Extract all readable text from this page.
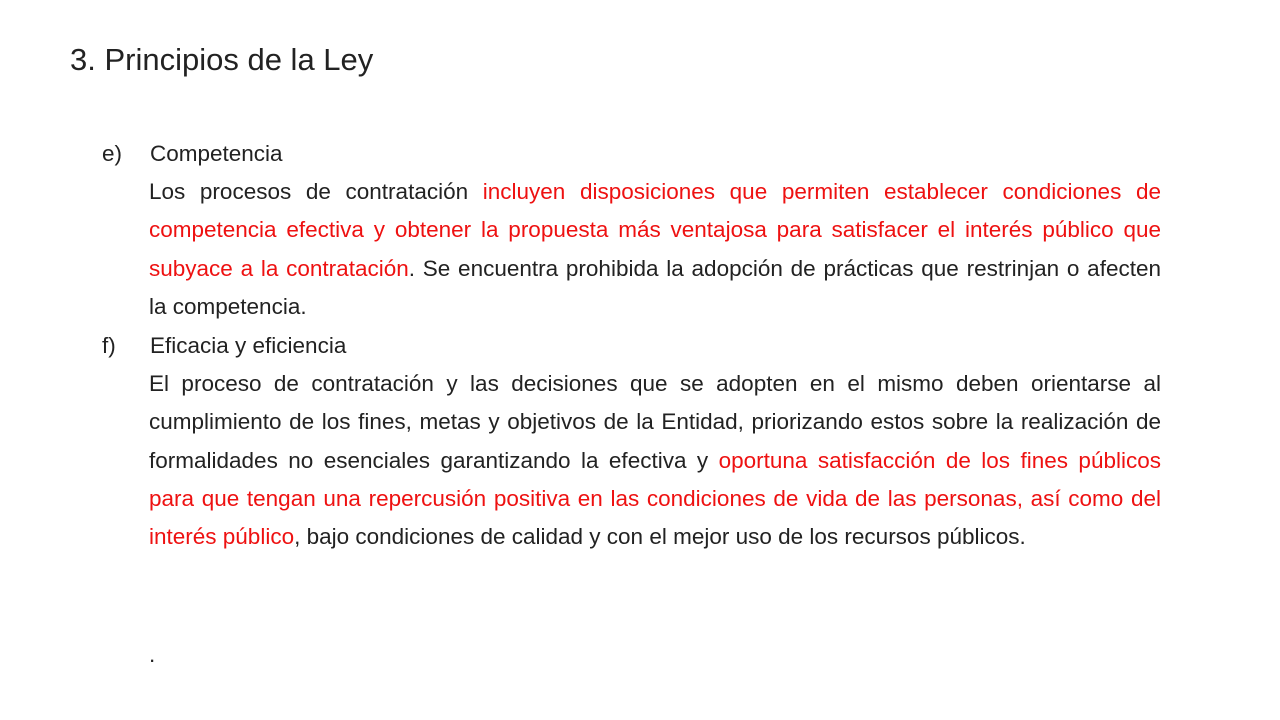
3. Principios de la Ley
e) Competencia

Los procesos de contratación incluyen disposiciones que permiten establecer condiciones de competencia efectiva y obtener la propuesta más ventajosa para satisfacer el interés público que subyace a la contratación. Se encuentra prohibida la adopción de prácticas que restrinjan o afecten la competencia.

f) Eficacia y eficiencia

El proceso de contratación y las decisiones que se adopten en el mismo deben orientarse al cumplimiento de los fines, metas y objetivos de la Entidad, priorizando estos sobre la realización de formalidades no esenciales garantizando la efectiva y oportuna satisfacción de los fines públicos para que tengan una repercusión positiva en las condiciones de vida de las personas, así como del interés público, bajo condiciones de calidad y con el mejor uso de los recursos públicos.

.
